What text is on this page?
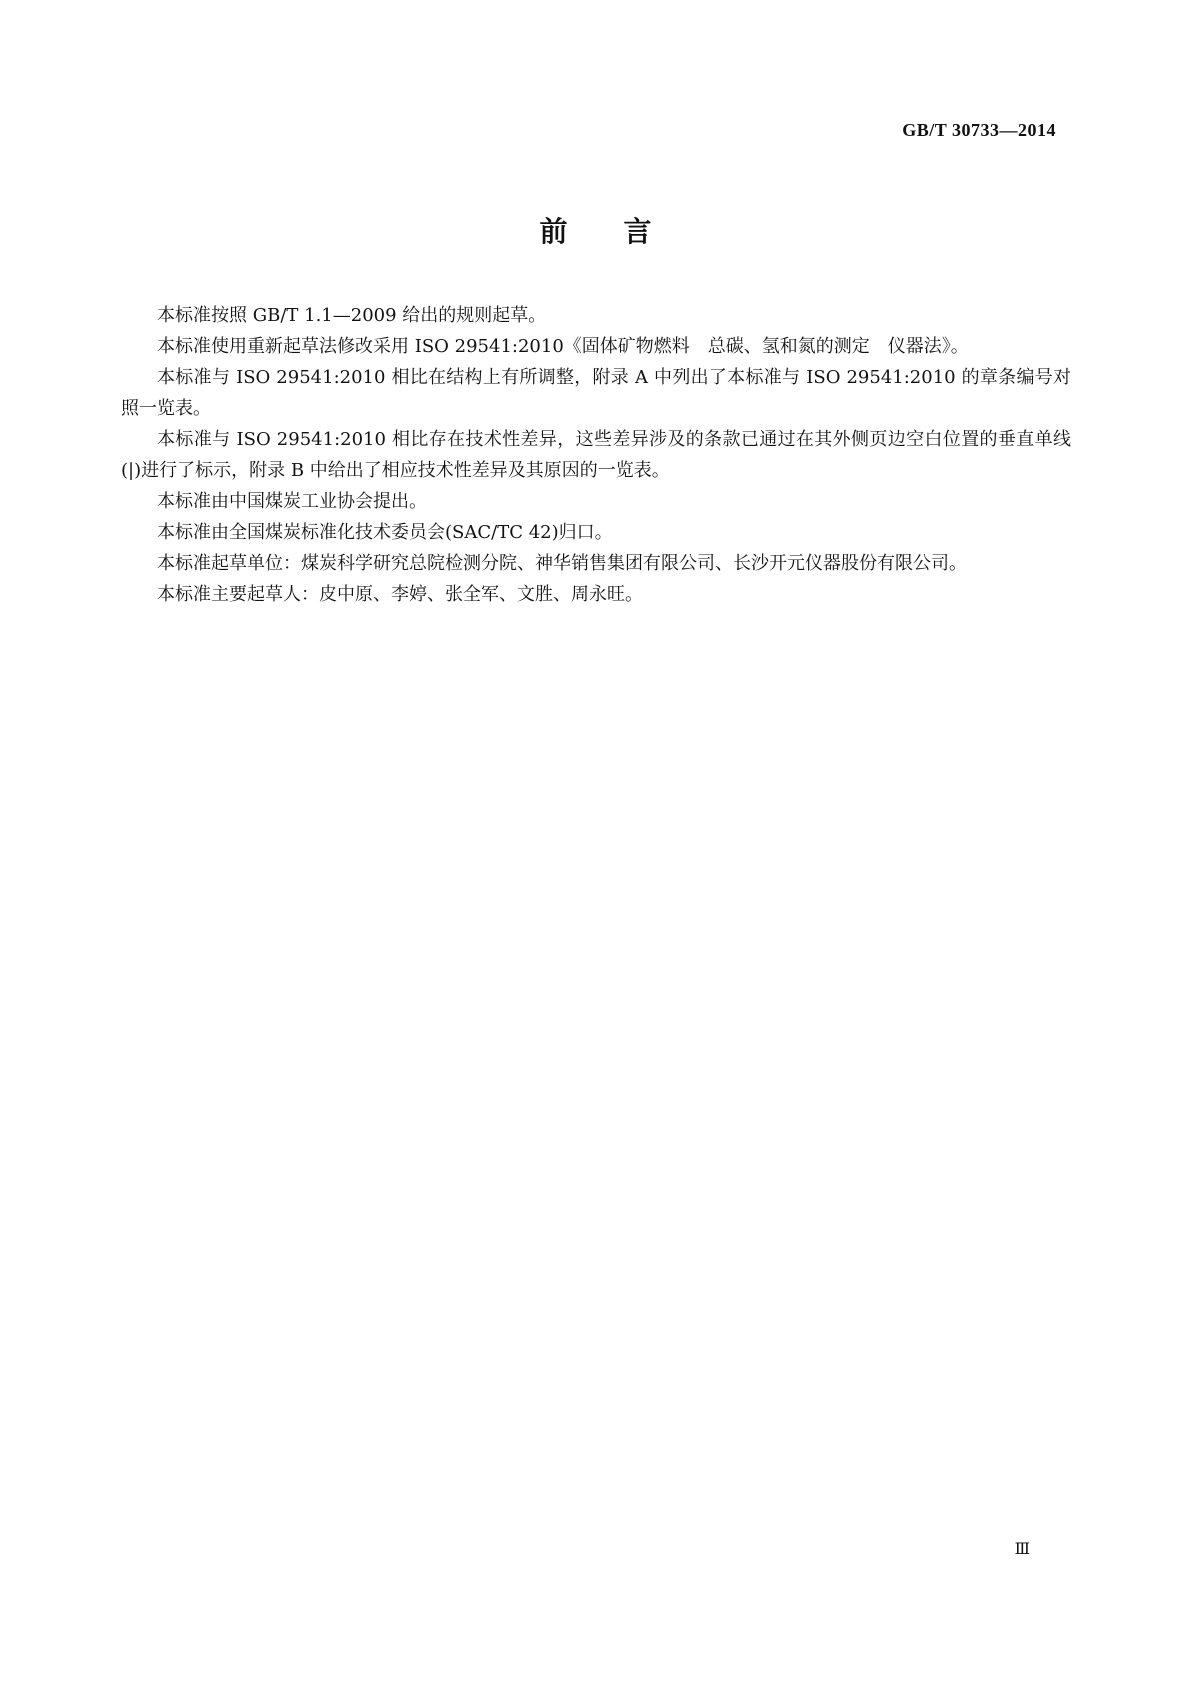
GB/T 30733—2014
前言

本标准按照 GB/T 1.1—2009 给出的规则起草。

本标准使用重新起草法修改采用 ISO 29541:2010《固体矿物燃料　总碳、氢和氮的测定　仪器法》。

本标准与 ISO 29541:2010 相比在结构上有所调整，附录 A 中列出了本标准与 ISO 29541:2010 的章条编号对照一览表。

本标准与 ISO 29541:2010 相比存在技术性差异，这些差异涉及的条款已通过在其外侧页边空白位置的垂直单线(|)进行了标示，附录 B 中给出了相应技术性差异及其原因的一览表。

本标准由中国煤炭工业协会提出。

本标准由全国煤炭标准化技术委员会(SAC/TC 42)归口。

本标准起草单位：煤炭科学研究总院检测分院、神华销售集团有限公司、长沙开元仪器股份有限公司。

本标准主要起草人：皮中原、李婷、张全军、文胜、周永旺。

Ⅲ
